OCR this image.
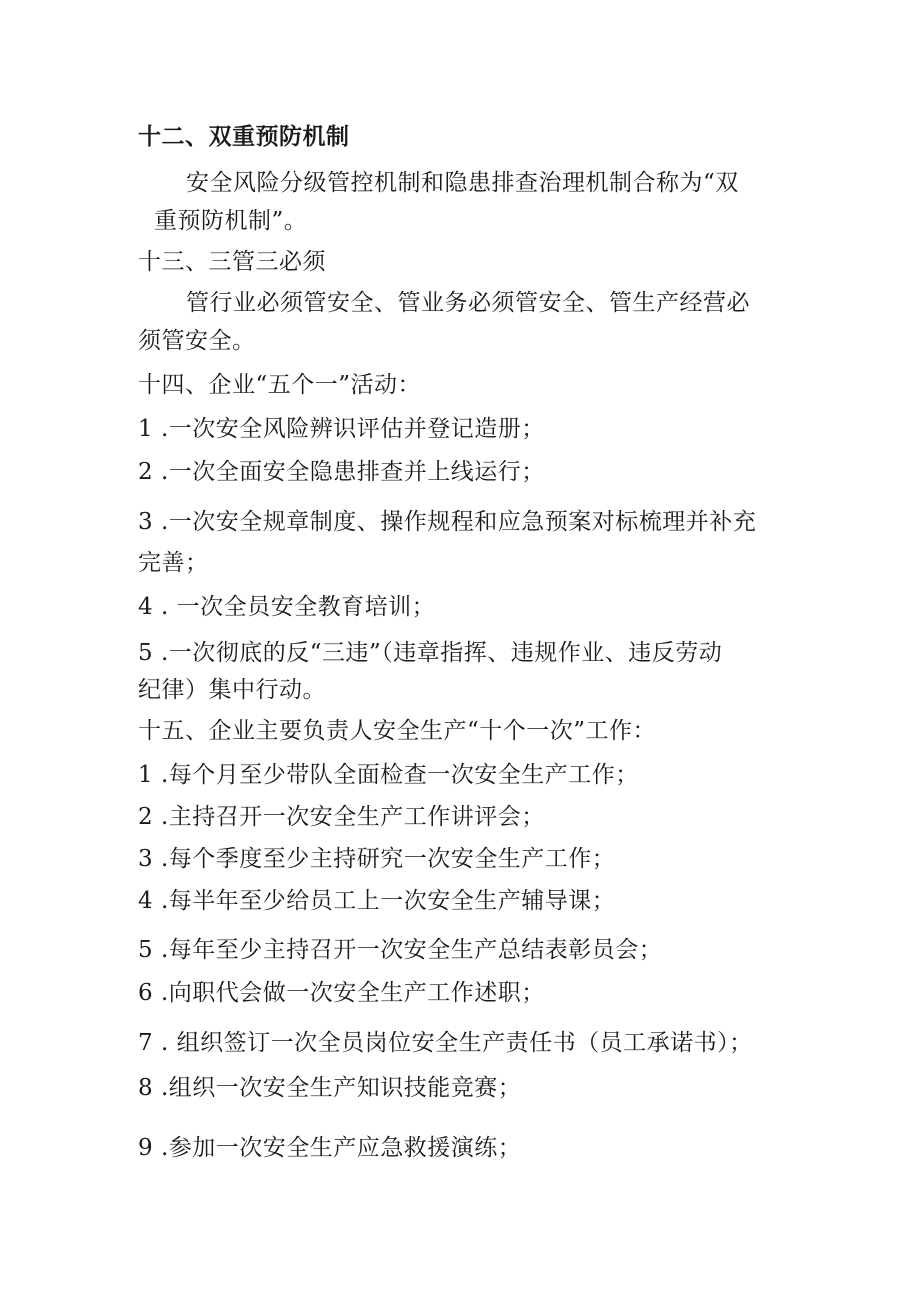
十二、双重预防机制
安全风险分级管控机制和隐患排查治理机制合称为“双
重预防机制”。
十三、三管三必须
管行业必须管安全、管业务必须管安全、管生产经营必
须管安全。
十四、企业“五个一”活动：
1 .一次安全风险辨识评估并登记造册；
2 .一次全面安全隐患排查并上线运行；
3 .一次安全规章制度、操作规程和应急预案对标梳理并补充
完善；
4 . 一次全员安全教育培训；
5 .一次彻底的反“三违”（违章指挥、违规作业、违反劳动
纪律）集中行动。
十五、企业主要负责人安全生产“十个一次”工作：
1 .每个月至少带队全面检查一次安全生产工作；
2 .主持召开一次安全生产工作讲评会；
3 .每个季度至少主持研究一次安全生产工作；
4 .每半年至少给员工上一次安全生产辅导课；
5 .每年至少主持召开一次安全生产总结表彰员会；
6 .向职代会做一次安全生产工作述职；
7 . 组织签订一次全员岗位安全生产责任书（员工承诺书）；
8 .组织一次安全生产知识技能竞赛；
9 .参加一次安全生产应急救援演练；
